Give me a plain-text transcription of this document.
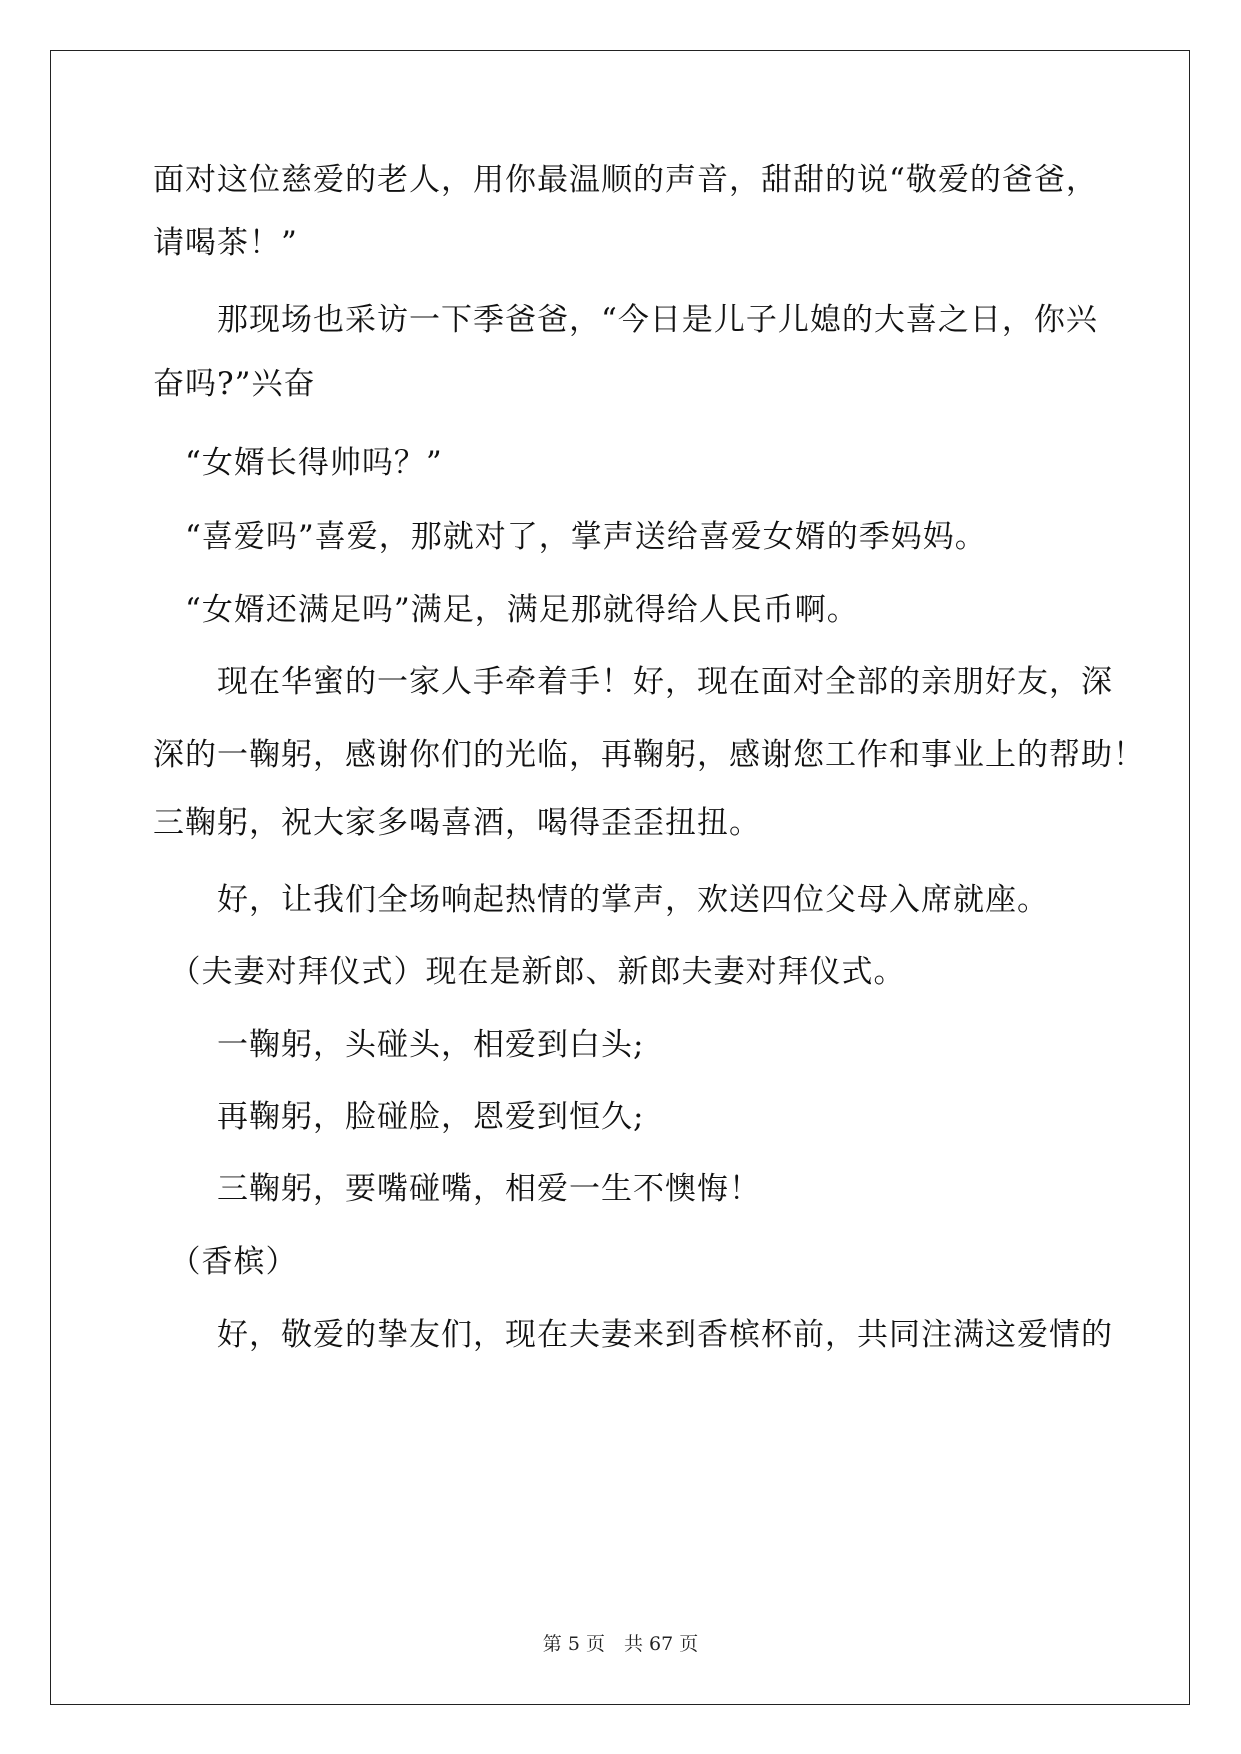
面对这位慈爱的老人，用你最温顺的声音，甜甜的说“敬爱的爸爸，
请喝茶！”
　　那现场也采访一下季爸爸，“今日是儿子儿媳的大喜之日，你兴
奋吗?”兴奋
　“女婿长得帅吗？”
　“喜爱吗”喜爱，那就对了，掌声送给喜爱女婿的季妈妈。
　“女婿还满足吗”满足，满足那就得给人民币啊。
　　现在华蜜的一家人手牵着手！好，现在面对全部的亲朋好友，深
深的一鞠躬，感谢你们的光临，再鞠躬，感谢您工作和事业上的帮助！
三鞠躬，祝大家多喝喜酒，喝得歪歪扭扭。
　　好，让我们全场响起热情的掌声，欢送四位父母入席就座。
　（夫妻对拜仪式）现在是新郎、新郎夫妻对拜仪式。
　　一鞠躬，头碰头，相爱到白头;
　　再鞠躬，脸碰脸，恩爱到恒久;
　　三鞠躬，要嘴碰嘴，相爱一生不懊悔！
　（香槟）
　　好，敬爱的挚友们，现在夫妻来到香槟杯前，共同注满这爱情的
第 5 页　共 67 页
